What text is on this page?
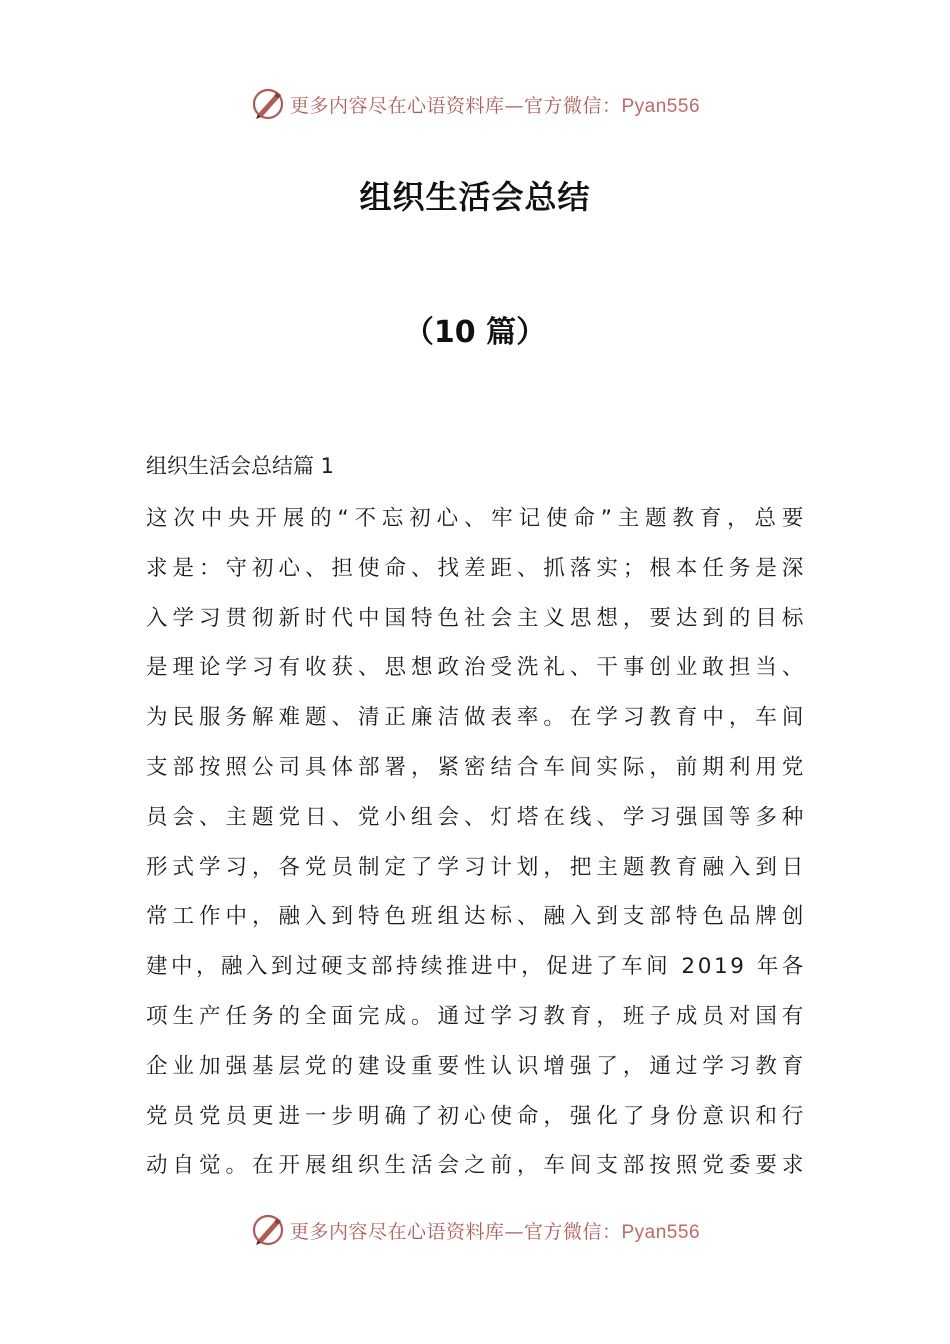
更多内容尽在心语资料库—官方微信：Pyan556
组织生活会总结
（10 篇）
组织生活会总结篇 1
这次中央开展的“不忘初心、牢记使命”主题教育，总要
求是：守初心、担使命、找差距、抓落实；根本任务是深
入学习贯彻新时代中国特色社会主义思想，要达到的目标
是理论学习有收获、思想政治受洗礼、干事创业敢担当、
为民服务解难题、清正廉洁做表率。在学习教育中，车间
支部按照公司具体部署，紧密结合车间实际，前期利用党
员会、主题党日、党小组会、灯塔在线、学习强国等多种
形式学习，各党员制定了学习计划，把主题教育融入到日
常工作中，融入到特色班组达标、融入到支部特色品牌创
建中，融入到过硬支部持续推进中，促进了车间 2019 年各
项生产任务的全面完成。通过学习教育，班子成员对国有
企业加强基层党的建设重要性认识增强了，通过学习教育
党员党员更进一步明确了初心使命，强化了身份意识和行
动自觉。在开展组织生活会之前，车间支部按照党委要求
更多内容尽在心语资料库—官方微信：Pyan556
